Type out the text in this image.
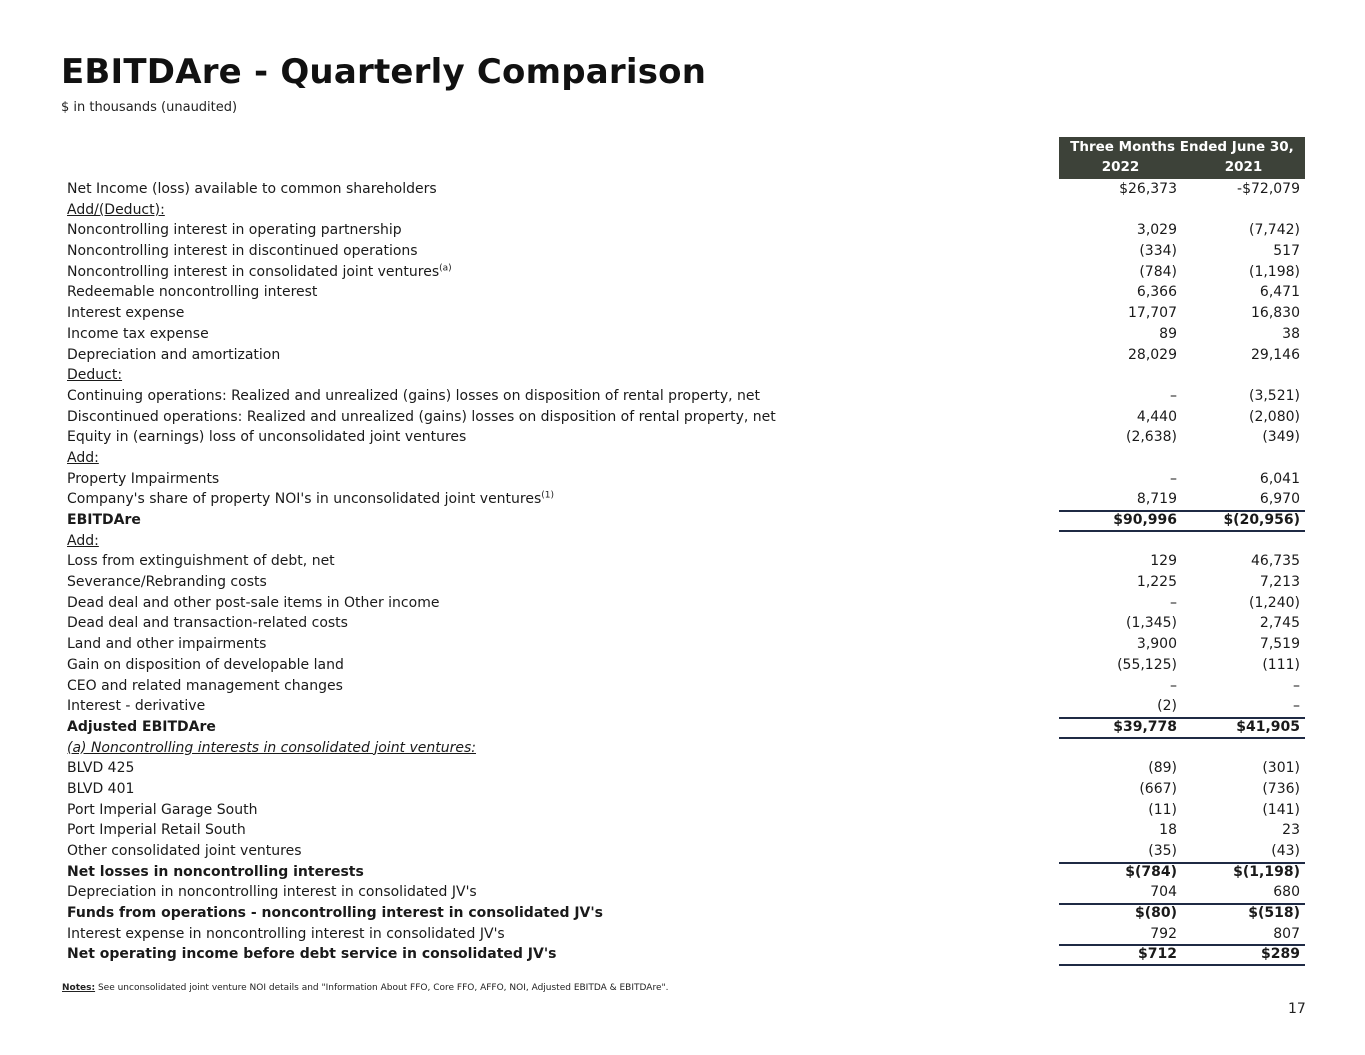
EBITDAre - Quarterly Comparison
$ in thousands (unaudited)
Three Months Ended June 30,
2022	2021
Net Income (loss) available to common shareholders	$26,373	-$72,079
Add/(Deduct):
Noncontrolling interest in operating partnership	3,029	(7,742)
Noncontrolling interest in discontinued operations	(334)	517
Noncontrolling interest in consolidated joint ventures$^{(a)}$	(784)	(1,198)
Redeemable noncontrolling interest	6,366	6,471
Interest expense	17,707	16,830
Income tax expense	89	38
Depreciation and amortization	28,029	29,146
Deduct:
Continuing operations: Realized and unrealized (gains) losses on disposition of rental property, net	–	(3,521)
Discontinued operations: Realized and unrealized (gains) losses on disposition of rental property, net	4,440	(2,080)
Equity in (earnings) loss of unconsolidated joint ventures	(2,638)	(349)
Add:
Property Impairments	–	6,041
Company's share of property NOI's in unconsolidated joint ventures$^{(1)}$	8,719	6,970
EBITDAre	$90,996	$(20,956)
Add:
Loss from extinguishment of debt, net	129	46,735
Severance/Rebranding costs	1,225	7,213
Dead deal and other post-sale items in Other income	–	(1,240)
Dead deal and transaction-related costs	(1,345)	2,745
Land and other impairments	3,900	7,519
Gain on disposition of developable land	(55,125)	(111)
CEO and related management changes	–	–
Interest - derivative	(2)	–
Adjusted EBITDAre	$39,778	$41,905
(a) Noncontrolling interests in consolidated joint ventures:
BLVD 425	(89)	(301)
BLVD 401	(667)	(736)
Port Imperial Garage South	(11)	(141)
Port Imperial Retail South	18	23
Other consolidated joint ventures	(35)	(43)
Net losses in noncontrolling interests	$(784)	$(1,198)
Depreciation in noncontrolling interest in consolidated JV's	704	680
Funds from operations - noncontrolling interest in consolidated JV's	$(80)	$(518)
Interest expense in noncontrolling interest in consolidated JV's	792	807
Net operating income before debt service in consolidated JV's	$712	$289
Notes: See unconsolidated joint venture NOI details and "Information About FFO, Core FFO, AFFO, NOI, Adjusted EBITDA & EBITDAre".
17
